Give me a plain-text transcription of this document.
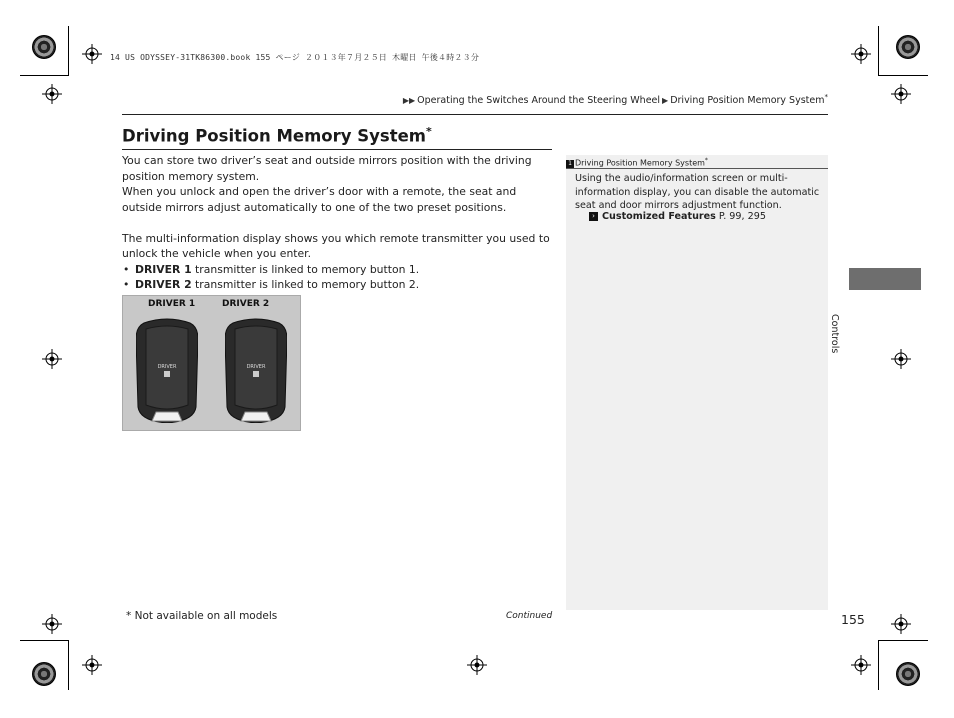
14 US ODYSSEY-31TK86300.book 155 ページ ２０１３年７月２５日 木曜日 午後４時２３分
▶▶ Operating the Switches Around the Steering Wheel ▶ Driving Position Memory System*
Driving Position Memory System*

You can store two driver’s seat and outside mirrors position with the driving position memory system.

When you unlock and open the driver’s door with a remote, the seat and outside mirrors adjust automatically to one of the two preset positions.

The multi-information display shows you which remote transmitter you used to unlock the vehicle when you enter.

• DRIVER 1 transmitter is linked to memory button 1.
• DRIVER 2 transmitter is linked to memory button 2.
DRIVER 1	DRIVER 2
DRIVER	DRIVER
1 Driving Position Memory System*
Using the audio/information screen or multi-information display, you can disable the automatic seat and door mirrors adjustment function.
› Customized Features P. 99, 295
Controls
* Not available on all models	Continued	155
